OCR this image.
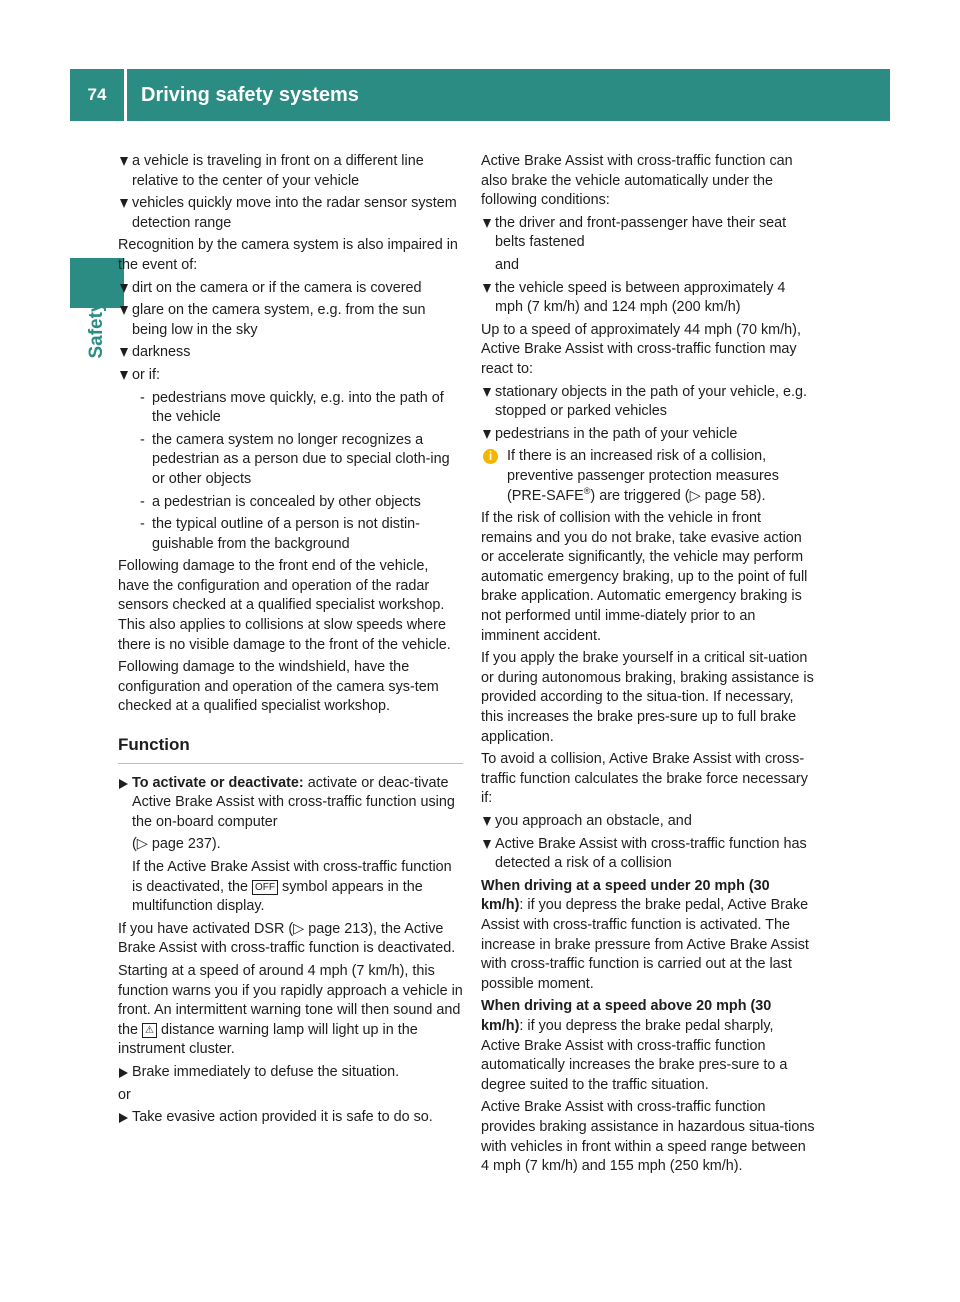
74	Driving safety systems
Safety
a vehicle is traveling in front on a different line relative to the center of your vehicle
vehicles quickly move into the radar sensor system detection range

Recognition by the camera system is also impaired in the event of:

dirt on the camera or if the camera is covered
glare on the camera system, e.g. from the sun being low in the sky
darkness
or if:
- pedestrians move quickly, e.g. into the path of the vehicle
- the camera system no longer recognizes a pedestrian as a person due to special cloth-ing or other objects
- a pedestrian is concealed by other objects
- the typical outline of a person is not distin-guishable from the background

Following damage to the front end of the vehicle, have the configuration and operation of the radar sensors checked at a qualified specialist workshop. This also applies to collisions at slow speeds where there is no visible damage to the front of the vehicle.

Following damage to the windshield, have the configuration and operation of the camera sys-tem checked at a qualified specialist workshop.

Function
To activate or deactivate: activate or deac-tivate Active Brake Assist with cross-traffic function using the on-board computer
(▷ page 237).
If the Active Brake Assist with cross-traffic function is deactivated, the OFF symbol appears in the multifunction display.

If you have activated DSR (▷ page 213), the Active Brake Assist with cross-traffic function is deactivated.

Starting at a speed of around 4 mph (7 km/h), this function warns you if you rapidly approach a vehicle in front. An intermittent warning tone will then sound and the ⚠ distance warning lamp will light up in the instrument cluster.

Brake immediately to defuse the situation.

or

Take evasive action provided it is safe to do so.

Active Brake Assist with cross-traffic function can also brake the vehicle automatically under the following conditions:

the driver and front-passenger have their seat belts fastened
and
the vehicle speed is between approximately 4 mph (7 km/h) and 124 mph (200 km/h)

Up to a speed of approximately 44 mph (70 km/h), Active Brake Assist with cross-traffic function may react to:

stationary objects in the path of your vehicle, e.g. stopped or parked vehicles
pedestrians in the path of your vehicle
i	If there is an increased risk of a collision, preventive passenger protection measures (PRE-SAFE®) are triggered (▷ page 58).

If the risk of collision with the vehicle in front remains and you do not brake, take evasive action or accelerate significantly, the vehicle may perform automatic emergency braking, up to the point of full brake application. Automatic emergency braking is not performed until imme-diately prior to an imminent accident.

If you apply the brake yourself in a critical sit-uation or during autonomous braking, braking assistance is provided according to the situa-tion. If necessary, this increases the brake pres-sure up to full brake application.

To avoid a collision, Active Brake Assist with cross-traffic function calculates the brake force necessary if:

you approach an obstacle, and
Active Brake Assist with cross-traffic function has detected a risk of a collision

When driving at a speed under 20 mph (30 km/h): if you depress the brake pedal, Active Brake Assist with cross-traffic function is activated. The increase in brake pressure from Active Brake Assist with cross-traffic function is carried out at the last possible moment.

When driving at a speed above 20 mph (30 km/h): if you depress the brake pedal sharply, Active Brake Assist with cross-traffic function automatically increases the brake pres-sure to a degree suited to the traffic situation.

Active Brake Assist with cross-traffic function provides braking assistance in hazardous situa-tions with vehicles in front within a speed range between 4 mph (7 km/h) and 155 mph (250 km/h).
